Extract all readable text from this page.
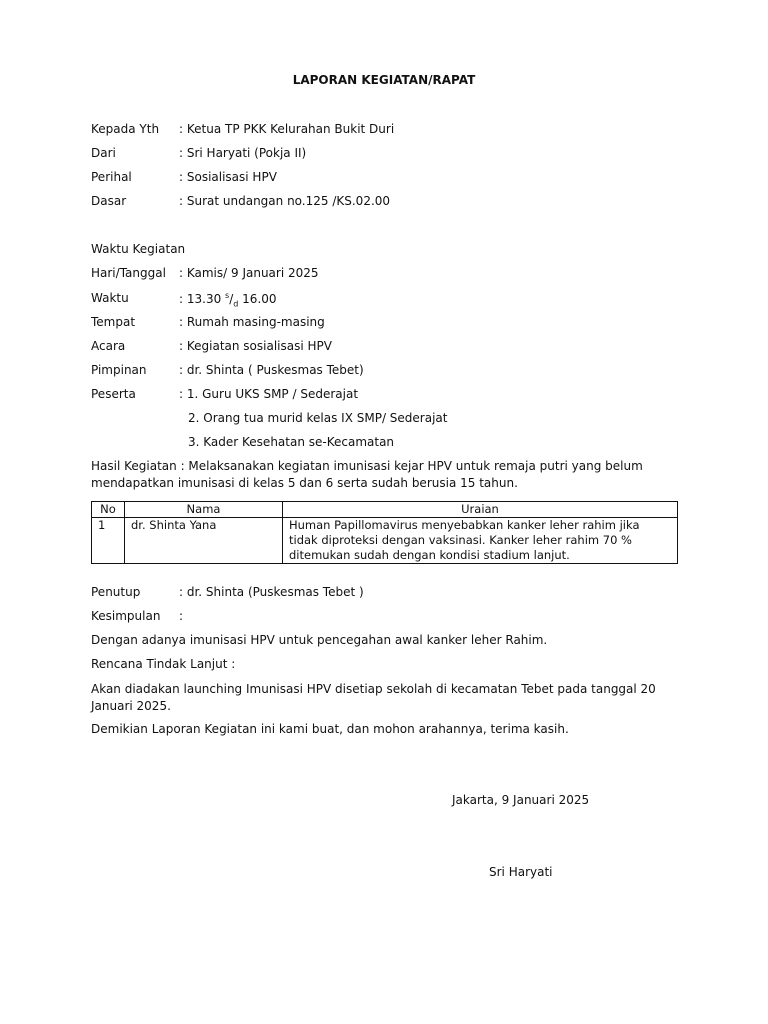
LAPORAN KEGIATAN/RAPAT
Kepada Yth : Ketua TP PKK Kelurahan Bukit Duri
Dari	: Sri Haryati (Pokja II)
Perihal	: Sosialisasi HPV
Dasar	: Surat undangan no.125 /KS.02.00
Waktu Kegiatan
Hari/Tanggal : Kamis/ 9 Januari 2025
Waktu	: 13.30 $^s/_d$ 16.00
Tempat	: Rumah masing-masing
Acara	: Kegiatan sosialisasi HPV
Pimpinan	: dr. Shinta ( Puskesmas Tebet)
Peserta	: 1. Guru UKS SMP / Sederajat
2. Orang tua murid kelas IX SMP/ Sederajat
3. Kader Kesehatan se-Kecamatan
Hasil Kegiatan : Melaksanakan kegiatan imunisasi kejar HPV untuk remaja putri yang belum
mendapatkan imunisasi di kelas 5 dan 6 serta sudah berusia 15 tahun.
No	Nama	Uraian
1	dr. Shinta Yana	Human Papillomavirus menyebabkan kanker leher rahim jika tidak diproteksi dengan vaksinasi. Kanker leher rahim 70 % ditemukan sudah dengan kondisi stadium lanjut.
Penutup	: dr. Shinta (Puskesmas Tebet )
Kesimpulan :
Dengan adanya imunisasi HPV untuk pencegahan awal kanker leher Rahim.
Rencana Tindak Lanjut :
Akan diadakan launching Imunisasi HPV disetiap sekolah di kecamatan Tebet pada tanggal 20 Januari 2025.
Demikian Laporan Kegiatan ini kami buat, dan mohon arahannya, terima kasih.
Jakarta, 9 Januari 2025
Sri Haryati
